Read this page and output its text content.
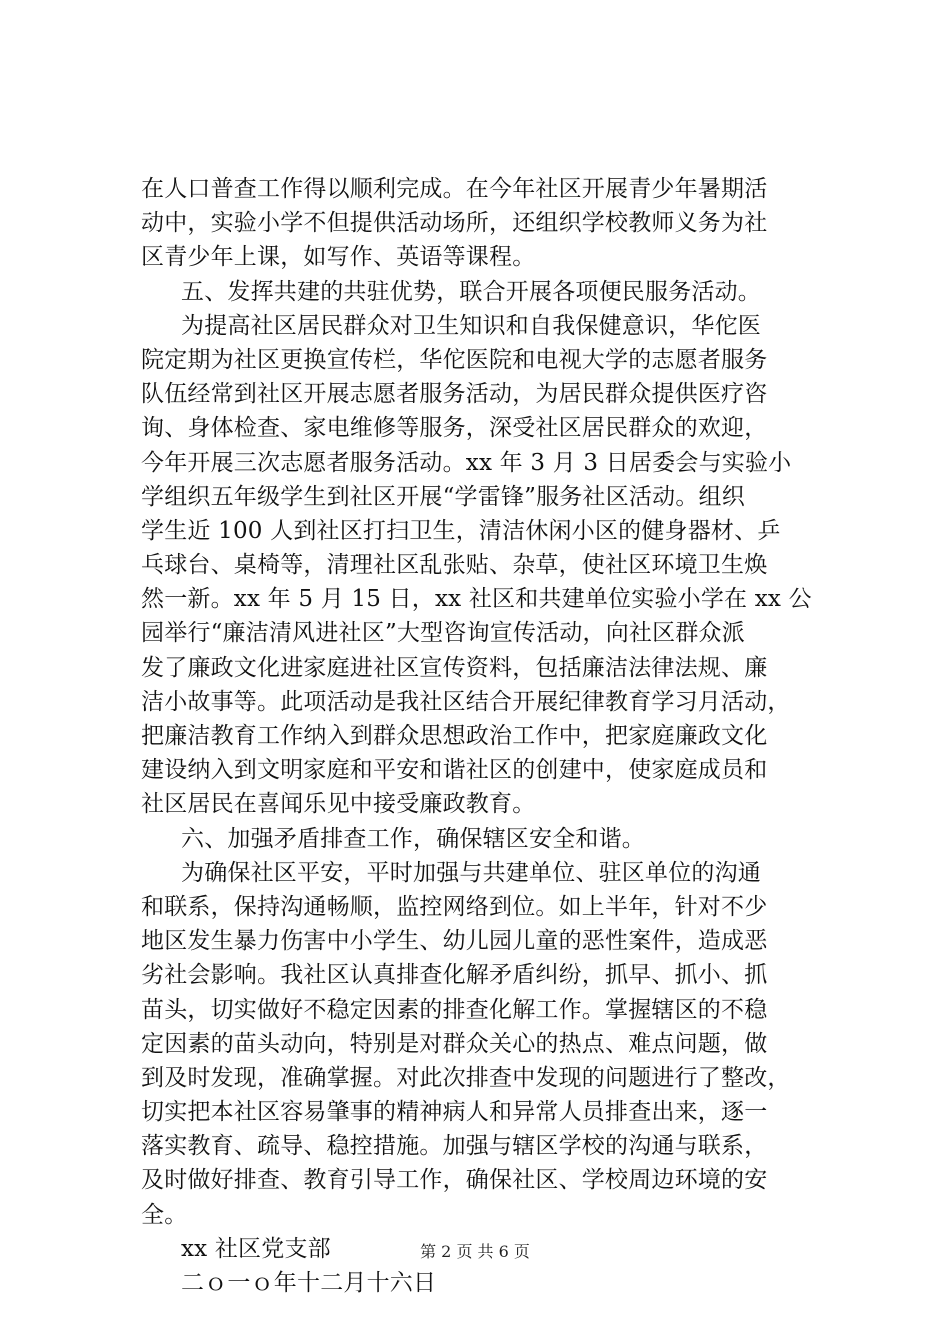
在人口普查工作得以顺利完成。在今年社区开展青少年暑期活
动中，实验小学不但提供活动场所，还组织学校教师义务为社
区青少年上课，如写作、英语等课程。
五、发挥共建的共驻优势，联合开展各项便民服务活动。
为提高社区居民群众对卫生知识和自我保健意识，华佗医
院定期为社区更换宣传栏，华佗医院和电视大学的志愿者服务
队伍经常到社区开展志愿者服务活动，为居民群众提供医疗咨
询、身体检查、家电维修等服务，深受社区居民群众的欢迎，
今年开展三次志愿者服务活动。xx 年 3 月 3 日居委会与实验小
学组织五年级学生到社区开展“学雷锋”服务社区活动。组织
学生近 100 人到社区打扫卫生，清洁休闲小区的健身器材、乒
乓球台、桌椅等，清理社区乱张贴、杂草，使社区环境卫生焕
然一新。xx 年 5 月 15 日，xx 社区和共建单位实验小学在 xx 公
园举行“廉洁清风进社区”大型咨询宣传活动，向社区群众派
发了廉政文化进家庭进社区宣传资料，包括廉洁法律法规、廉
洁小故事等。此项活动是我社区结合开展纪律教育学习月活动，
把廉洁教育工作纳入到群众思想政治工作中，把家庭廉政文化
建设纳入到文明家庭和平安和谐社区的创建中，使家庭成员和
社区居民在喜闻乐见中接受廉政教育。
六、加强矛盾排查工作，确保辖区安全和谐。
为确保社区平安，平时加强与共建单位、驻区单位的沟通
和联系，保持沟通畅顺，监控网络到位。如上半年，针对不少
地区发生暴力伤害中小学生、幼儿园儿童的恶性案件，造成恶
劣社会影响。我社区认真排查化解矛盾纠纷，抓早、抓小、抓
苗头，切实做好不稳定因素的排查化解工作。掌握辖区的不稳
定因素的苗头动向，特别是对群众关心的热点、难点问题，做
到及时发现，准确掌握。对此次排查中发现的问题进行了整改，
切实把本社区容易肇事的精神病人和异常人员排查出来，逐一
落实教育、疏导、稳控措施。加强与辖区学校的沟通与联系，
及时做好排查、教育引导工作，确保社区、学校周边环境的安
全。
xx 社区党支部
二ｏ一ｏ年十二月十六日
第 2 页 共 6 页
